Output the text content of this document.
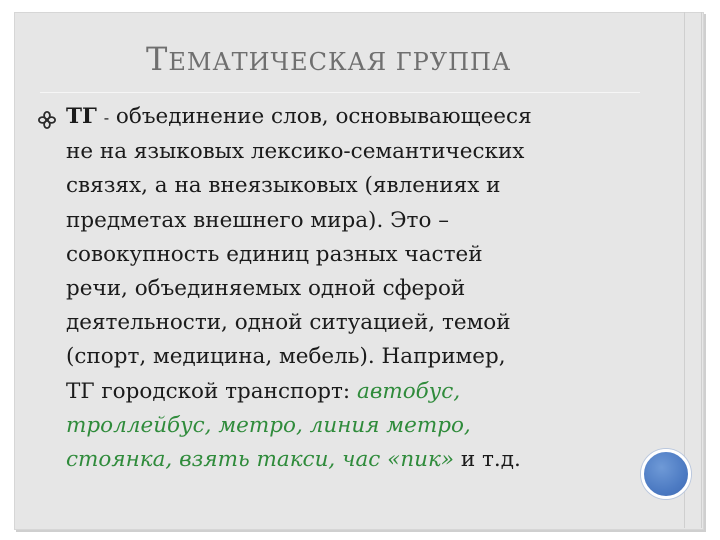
ТЕМАТИЧЕСКАЯ ГРУППА
ТГ - объединение слов, основывающееся
не на языковых лексико-семантических
связях, а на внеязыковых (явлениях и
предметах внешнего мира). Это –
совокупность единиц разных частей
речи, объединяемых одной сферой
деятельности, одной ситуацией, темой
(спорт, медицина, мебель). Например,
ТГ городской транспорт: автобус,
троллейбус, метро, линия метро,
стоянка, взять такси, час «пик» и т.д.
